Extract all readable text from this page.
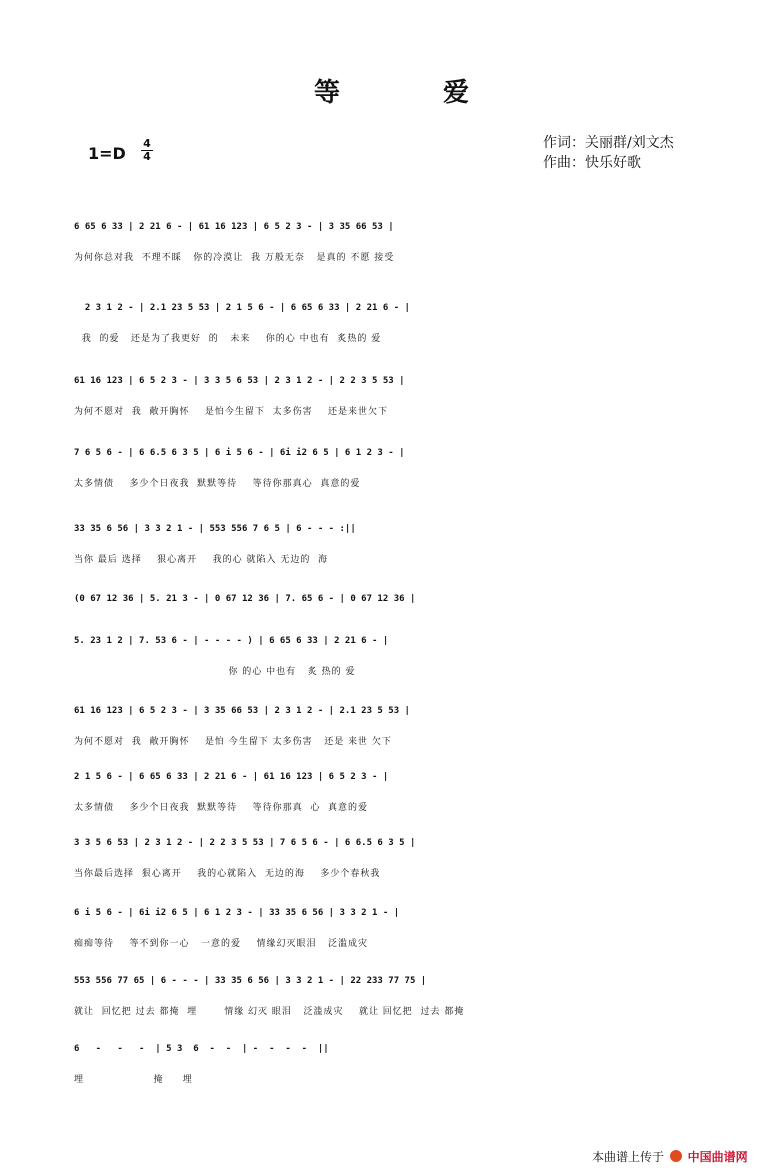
等	爱
1=D
4
4
作词：关丽群/刘文杰
作曲：快乐好歌
6 65 6 33 | 2 21 6 - | 61 16 123 | 6 5 2 3 - | 3 35 66 53 |
为何你总对我  不理不睬   你的冷漠让  我 万般无奈   是真的 不愿 接受
2 3 1 2 - | 2.1 23 5 53 | 2 1 5 6 - | 6 65 6 33 | 2 21 6 - |
我  的爱   还是为了我更好  的   未来    你的心 中也有  炙热的 爱
61 16 123 | 6 5 2 3 - | 3 3 5 6 53 | 2 3 1 2 - | 2 2 3 5 53 |
为何不愿对  我  敞开胸怀    是怕今生留下  太多伤害    还是来世欠下
7 6 5 6 - | 6 6.5 6 3 5 | 6 i 5 6 - | 6i i2 6 5 | 6 1 2 3 - |
太多情债    多少个日夜我  默默等待    等待你那真心  真意的爱
33 35 6 56 | 3 3 2 1 - | 553 556 7 6 5 | 6 - - - :||
当你 最后 选择    狠心离开    我的心 就陷入 无边的  海
(0 67 12 36 | 5. 21 3 - | 0 67 12 36 | 7. 65 6 - | 0 67 12 36 |
5. 23 1 2 | 7. 53 6 - | - - - - ) | 6 65 6 33 | 2 21 6 - |
你 的心 中也有   炙 热的 爱
61 16 123 | 6 5 2 3 - | 3 35 66 53 | 2 3 1 2 - | 2.1 23 5 53 |
为何不愿对  我  敞开胸怀    是怕 今生留下 太多伤害   还是 来世 欠下
2 1 5 6 - | 6 65 6 33 | 2 21 6 - | 61 16 123 | 6 5 2 3 - |
太多情债    多少个日夜我  默默等待    等待你那真  心  真意的爱
3 3 5 6 53 | 2 3 1 2 - | 2 2 3 5 53 | 7 6 5 6 - | 6 6.5 6 3 5 |
当你最后选择  狠心离开    我的心就陷入  无边的海    多少个春秋我
6 i 5 6 - | 6i i2 6 5 | 6 1 2 3 - | 33 35 6 56 | 3 3 2 1 - |
痴痴等待    等不到你一心   一意的爱    情缘幻灭眼泪   泛滥成灾
553 556 77 65 | 6 - - - | 33 35 6 56 | 3 3 2 1 - | 22 233 77 75 |
就让  回忆把 过去 都掩  埋       情缘 幻灭 眼泪   泛滥成灾    就让 回忆把  过去 都掩
6   -   -   -  | 5 3  6  -  -  | -  -  -  -  ||
埋                  掩     埋
本曲谱上传于 中国曲谱网
